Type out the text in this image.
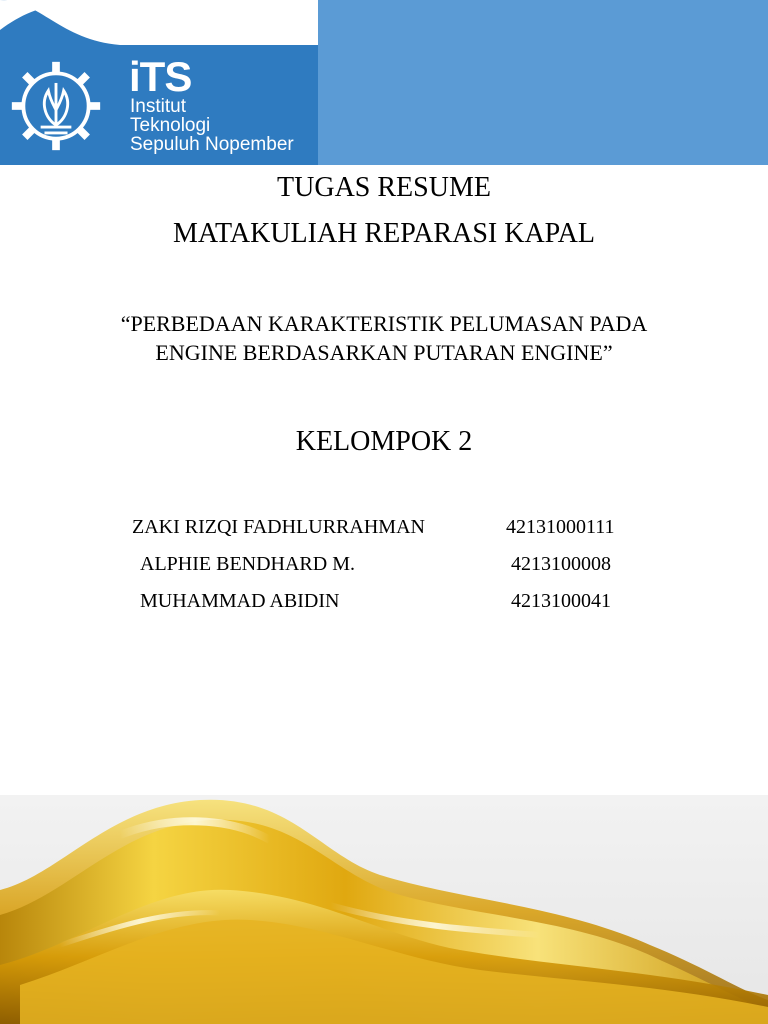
iTS
Institut
Teknologi
Sepuluh Nopember
TUGAS RESUME
MATAKULIAH REPARASI KAPAL
“PERBEDAAN KARAKTERISTIK PELUMASAN PADA
ENGINE BERDASARKAN PUTARAN ENGINE”
KELOMPOK 2
ZAKI RIZQI FADHLURRAHMAN	42131000111
ALPHIE BENDHARD M.	4213100008
MUHAMMAD ABIDIN	4213100041
